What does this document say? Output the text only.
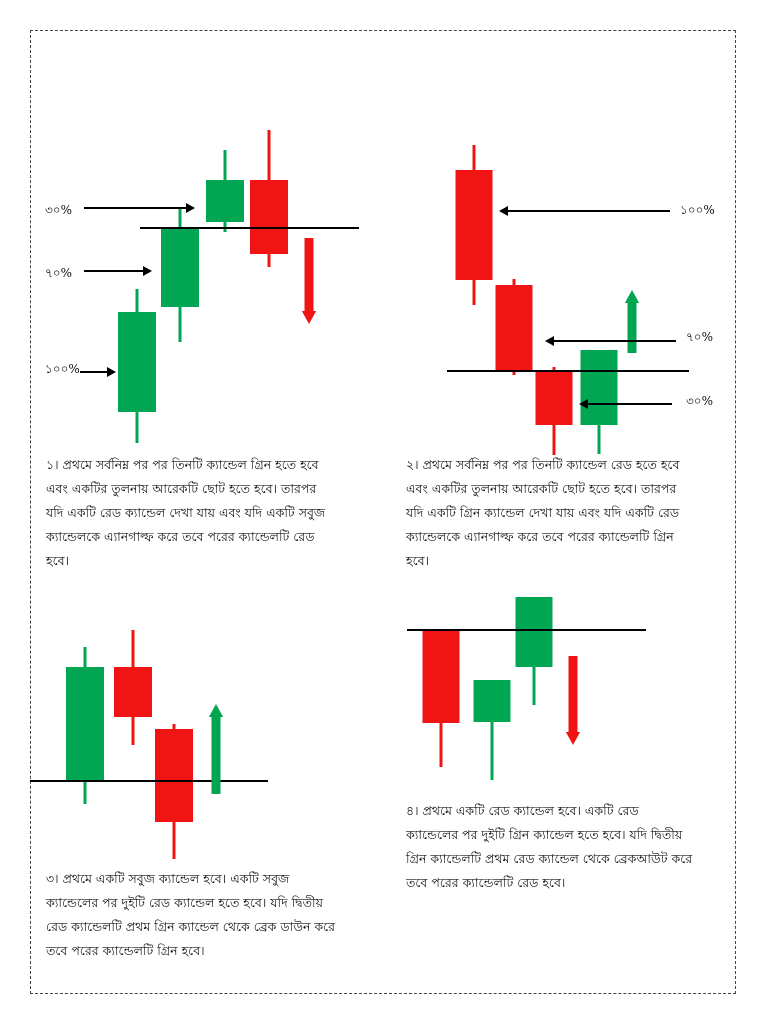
৩০%
৭০%
১০০%
১০০%
৭০%
৩০%
১। প্রথমে সর্বনিম্ন পর পর তিনটি ক্যান্ডেল গ্রিন হতে হবে
এবং একটির তুলনায় আরেকটি ছোট হতে হবে। তারপর
যদি একটি রেড ক্যান্ডেল দেখা যায় এবং যদি একটি সবুজ
ক্যান্ডেলকে এ্যানগাল্ফ করে তবে পরের ক্যান্ডেলটি রেড
হবে।
২। প্রথমে সর্বনিম্ন পর পর তিনটি ক্যান্ডেল রেড হতে হবে
এবং একটির তুলনায় আরেকটি ছোট হতে হবে। তারপর
যদি একটি গ্রিন ক্যান্ডেল দেখা যায় এবং যদি একটি রেড
ক্যান্ডেলকে এ্যানগাল্ফ করে তবে পরের ক্যান্ডেলটি গ্রিন
হবে।
৩। প্রথমে একটি সবুজ ক্যান্ডেল হবে। একটি সবুজ
ক্যান্ডেলের পর দুইটি রেড ক্যান্ডেল হতে হবে। যদি দ্বিতীয়
রেড ক্যান্ডেলটি প্রথম গ্রিন ক্যান্ডেল থেকে ব্রেক ডাউন করে
তবে পরের ক্যান্ডেলটি গ্রিন হবে।
৪। প্রথমে একটি রেড ক্যান্ডেল হবে। একটি রেড
ক্যান্ডেলের পর দুইটি গ্রিন ক্যান্ডেল হতে হবে। যদি দ্বিতীয়
গ্রিন ক্যান্ডেলটি প্রথম রেড ক্যান্ডেল থেকে ব্রেকআউট করে
তবে পরের ক্যান্ডেলটি রেড হবে।
